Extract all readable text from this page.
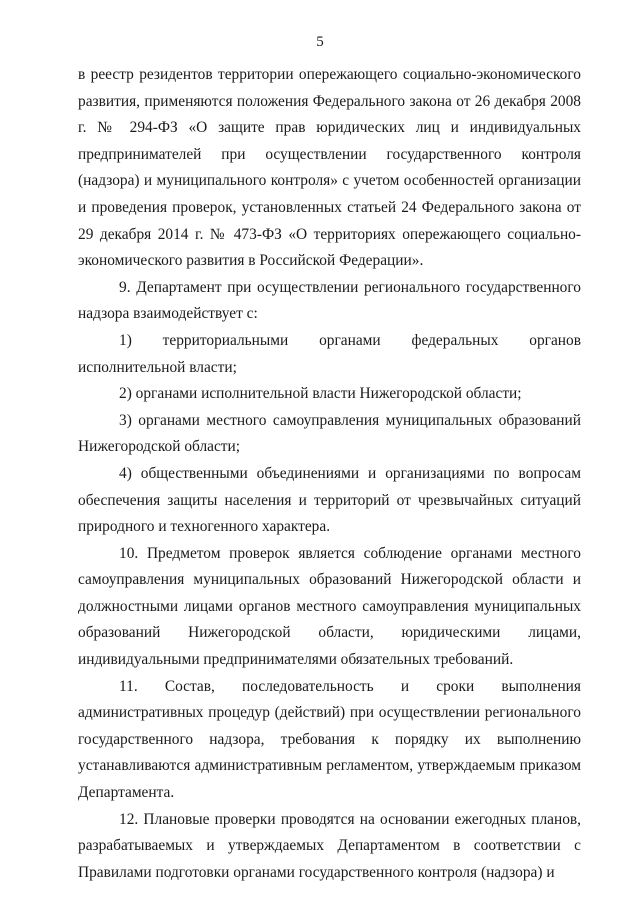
5

в реестр резидентов территории опережающего социально-экономического развития, применяются положения Федерального закона от 26 декабря 2008 г. № 294-ФЗ «О защите прав юридических лиц и индивидуальных предпринимателей при осуществлении государственного контроля (надзора) и муниципального контроля» с учетом особенностей организации и проведения проверок, установленных статьей 24 Федерального закона от 29 декабря 2014 г. № 473-ФЗ «О территориях опережающего социально-экономического развития в Российской Федерации».

9. Департамент при осуществлении регионального государственного надзора взаимодействует с:

1) территориальными органами федеральных органов исполнительной власти;

2) органами исполнительной власти Нижегородской области;

3) органами местного самоуправления муниципальных образований Нижегородской области;

4) общественными объединениями и организациями по вопросам обеспечения защиты населения и территорий от чрезвычайных ситуаций природного и техногенного характера.

10. Предметом проверок является соблюдение органами местного самоуправления муниципальных образований Нижегородской области и должностными лицами органов местного самоуправления муниципальных образований Нижегородской области, юридическими лицами, индивидуальными предпринимателями обязательных требований.

11. Состав, последовательность и сроки выполнения административных процедур (действий) при осуществлении регионального государственного надзора, требования к порядку их выполнению устанавливаются административным регламентом, утверждаемым приказом Департамента.

12. Плановые проверки проводятся на основании ежегодных планов, разрабатываемых и утверждаемых Департаментом в соответствии с Правилами подготовки органами государственного контроля (надзора) и
